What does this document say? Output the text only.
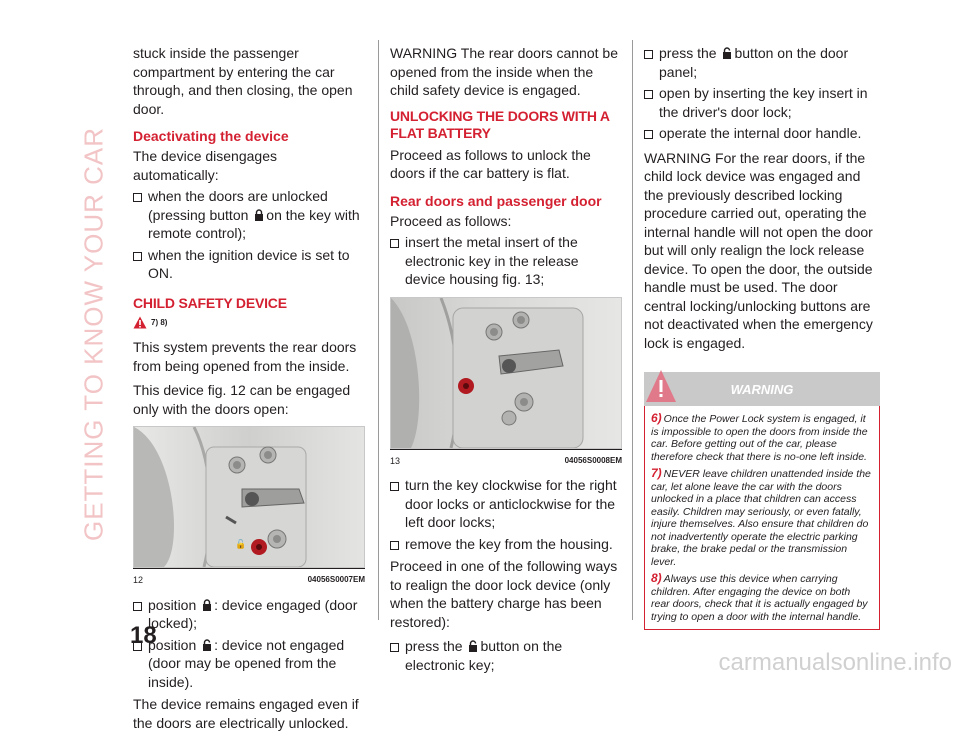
GETTING TO KNOW YOUR CAR

stuck inside the passenger compartment by entering the car through, and then closing, the open door.

Deactivating the device

The device disengages automatically:

when the doors are unlocked (pressing button on the key with remote control);
when the ignition device is set to ON.
CHILD SAFETY DEVICE
7) 8)

This system prevents the rear doors from being opened from the inside.

This device fig. 12 can be engaged only with the doors open:

🔓
12	04056S0007EM
position : device engaged (door locked);
position : device not engaged (door may be opened from the inside).

The device remains engaged even if the doors are electrically unlocked.

WARNING The rear doors cannot be opened from the inside when the child safety device is engaged.

UNLOCKING THE DOORS WITH A FLAT BATTERY

Proceed as follows to unlock the doors if the car battery is flat.

Rear doors and passenger door

Proceed as follows:

insert the metal insert of the electronic key in the release device housing fig. 13;
13	04056S0008EM
turn the key clockwise for the right door locks or anticlockwise for the left door locks;
remove the key from the housing.

Proceed in one of the following ways to realign the door lock device (only when the battery charge has been restored):

press the button on the electronic key;
press the button on the door panel;
open by inserting the key insert in the driver's door lock;
operate the internal door handle.

WARNING For the rear doors, if the child lock device was engaged and the previously described locking procedure carried out, operating the internal handle will not open the door but will only realign the lock release device. To open the door, the outside handle must be used. The door central locking/unlocking buttons are not deactivated when the emergency lock is engaged.

WARNING

6) Once the Power Lock system is engaged, it is impossible to open the doors from inside the car. Before getting out of the car, please therefore check that there is no-one left inside.

7) NEVER leave children unattended inside the car, let alone leave the car with the doors unlocked in a place that children can access easily. Children may seriously, or even fatally, injure themselves. Also ensure that children do not inadvertently operate the electric parking brake, the brake pedal or the transmission lever.

8) Always use this device when carrying children. After engaging the device on both rear doors, check that it is actually engaged by trying to open a door with the internal handle.

18
carmanualsonline.info
